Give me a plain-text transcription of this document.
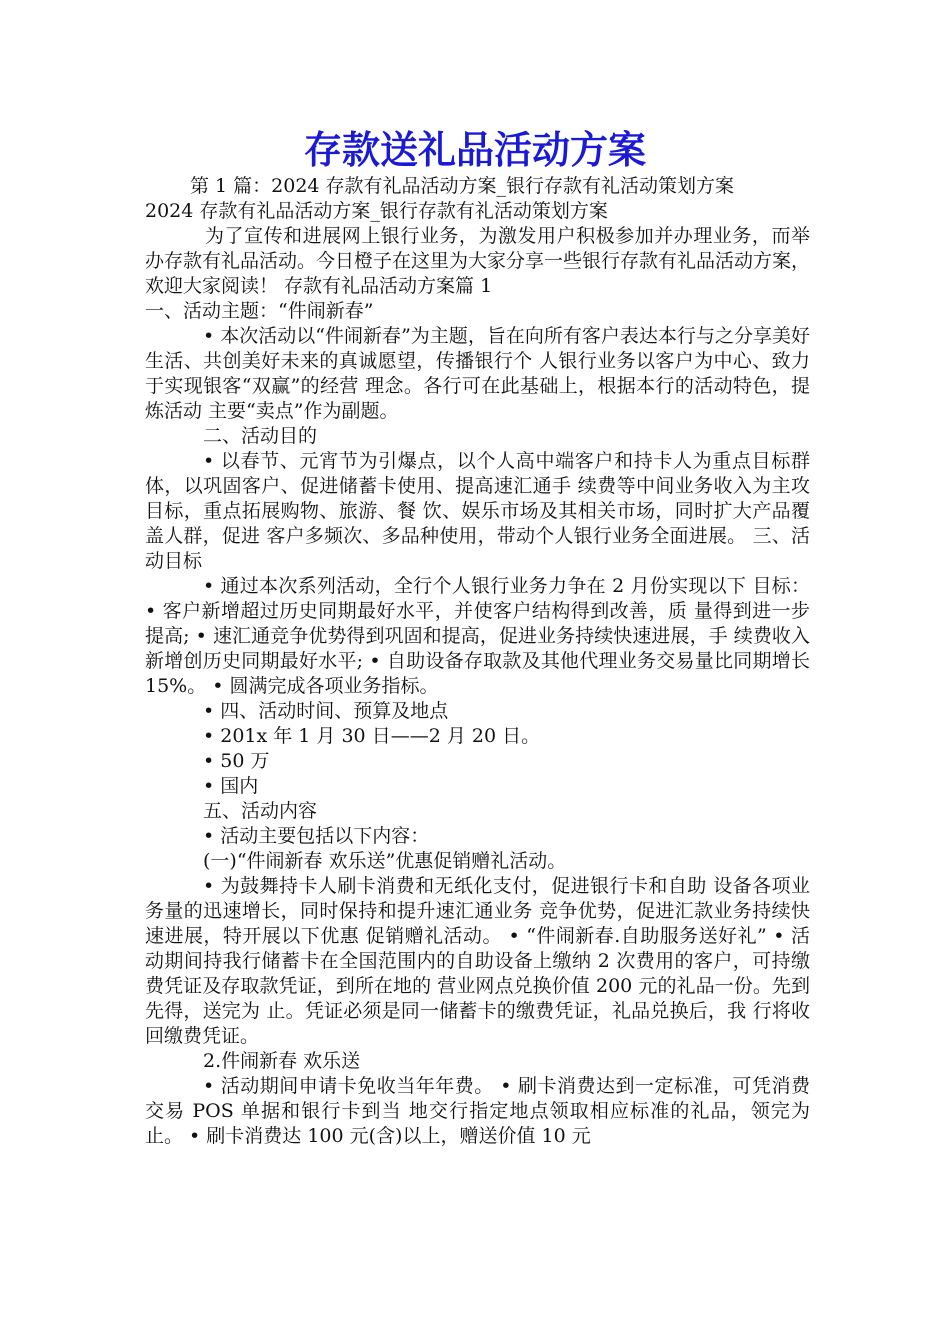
存款送礼品活动方案

第 1 篇：2024 存款有礼品活动方案_银行存款有礼活动策划方案

2024 存款有礼品活动方案_银行存款有礼活动策划方案

为了宣传和进展网上银行业务，为激发用户积极参加并办理业务，而举办存款有礼品活动。今日橙子在这里为大家分享一些银行存款有礼品活动方案，欢迎大家阅读！ 存款有礼品活动方案篇 1

一、活动主题：“件闹新春”

• 本次活动以“件闹新春”为主题，旨在向所有客户表达本行与之分享美好生活、共创美好未来的真诚愿望，传播银行个 人银行业务以客户为中心、致力于实现银客“双赢”的经营 理念。各行可在此基础上，根据本行的活动特色，提炼活动 主要“卖点”作为副题。

二、活动目的

• 以春节、元宵节为引爆点，以个人高中端客户和持卡人为重点目标群体，以巩固客户、促进储蓄卡使用、提高速汇通手 续费等中间业务收入为主攻目标，重点拓展购物、旅游、餐 饮、娱乐市场及其相关市场，同时扩大产品覆盖人群，促进 客户多频次、多品种使用，带动个人银行业务全面进展。 三、活动目标

• 通过本次系列活动，全行个人银行业务力争在 2 月份实现以下 目标：• 客户新增超过历史同期最好水平，并使客户结构得到改善，质 量得到进一步提高; • 速汇通竞争优势得到巩固和提高，促进业务持续快速进展，手 续费收入新增创历史同期最好水平; • 自助设备存取款及其他代理业务交易量比同期增长 15%。 • 圆满完成各项业务指标。

• 四、活动时间、预算及地点

• 201x 年 1 月 30 日——2 月 20 日。

• 50 万

• 国内

五、活动内容

• 活动主要包括以下内容：

(一)“件闹新春 欢乐送”优惠促销赠礼活动。

• 为鼓舞持卡人刷卡消费和无纸化支付，促进银行卡和自助 设备各项业务量的迅速增长，同时保持和提升速汇通业务 竞争优势，促进汇款业务持续快速进展，特开展以下优惠 促销赠礼活动。 • “件闹新春.自助服务送好礼” • 活动期间持我行储蓄卡在全国范围内的自助设备上缴纳 2 次费用的客户，可持缴费凭证及存取款凭证，到所在地的 营业网点兑换价值 200 元的礼品一份。先到先得，送完为 止。凭证必须是同一储蓄卡的缴费凭证，礼品兑换后，我 行将收回缴费凭证。

2.件闹新春 欢乐送

• 活动期间申请卡免收当年年费。 • 刷卡消费达到一定标准，可凭消费交易 POS 单据和银行卡到当 地交行指定地点领取相应标准的礼品，领完为止。 • 刷卡消费达 100 元(含)以上，赠送价值 10 元
